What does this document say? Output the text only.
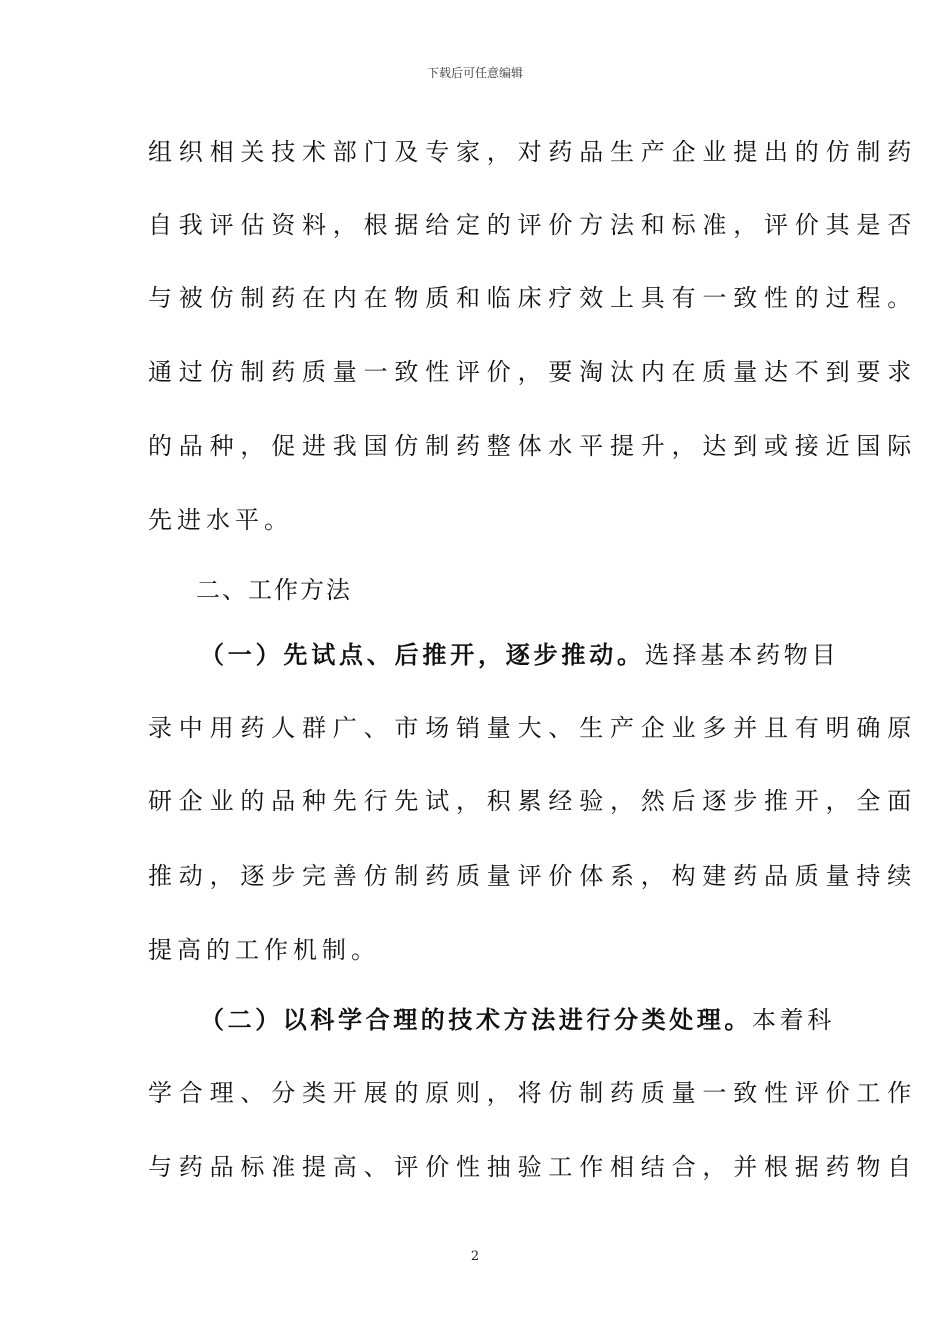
下载后可任意编辑
组织相关技术部门及专家，对药品生产企业提出的仿制药
自我评估资料，根据给定的评价方法和标准，评价其是否
与被仿制药在内在物质和临床疗效上具有一致性的过程。
通过仿制药质量一致性评价，要淘汰内在质量达不到要求
的品种，促进我国仿制药整体水平提升，达到或接近国际
先进水平。
二、工作方法
（一）先试点、后推开，逐步推动。选择基本药物目
录中用药人群广、市场销量大、生产企业多并且有明确原
研企业的品种先行先试，积累经验，然后逐步推开，全面
推动，逐步完善仿制药质量评价体系，构建药品质量持续
提高的工作机制。
（二）以科学合理的技术方法进行分类处理。本着科
学合理、分类开展的原则，将仿制药质量一致性评价工作
与药品标准提高、评价性抽验工作相结合，并根据药物自
2
